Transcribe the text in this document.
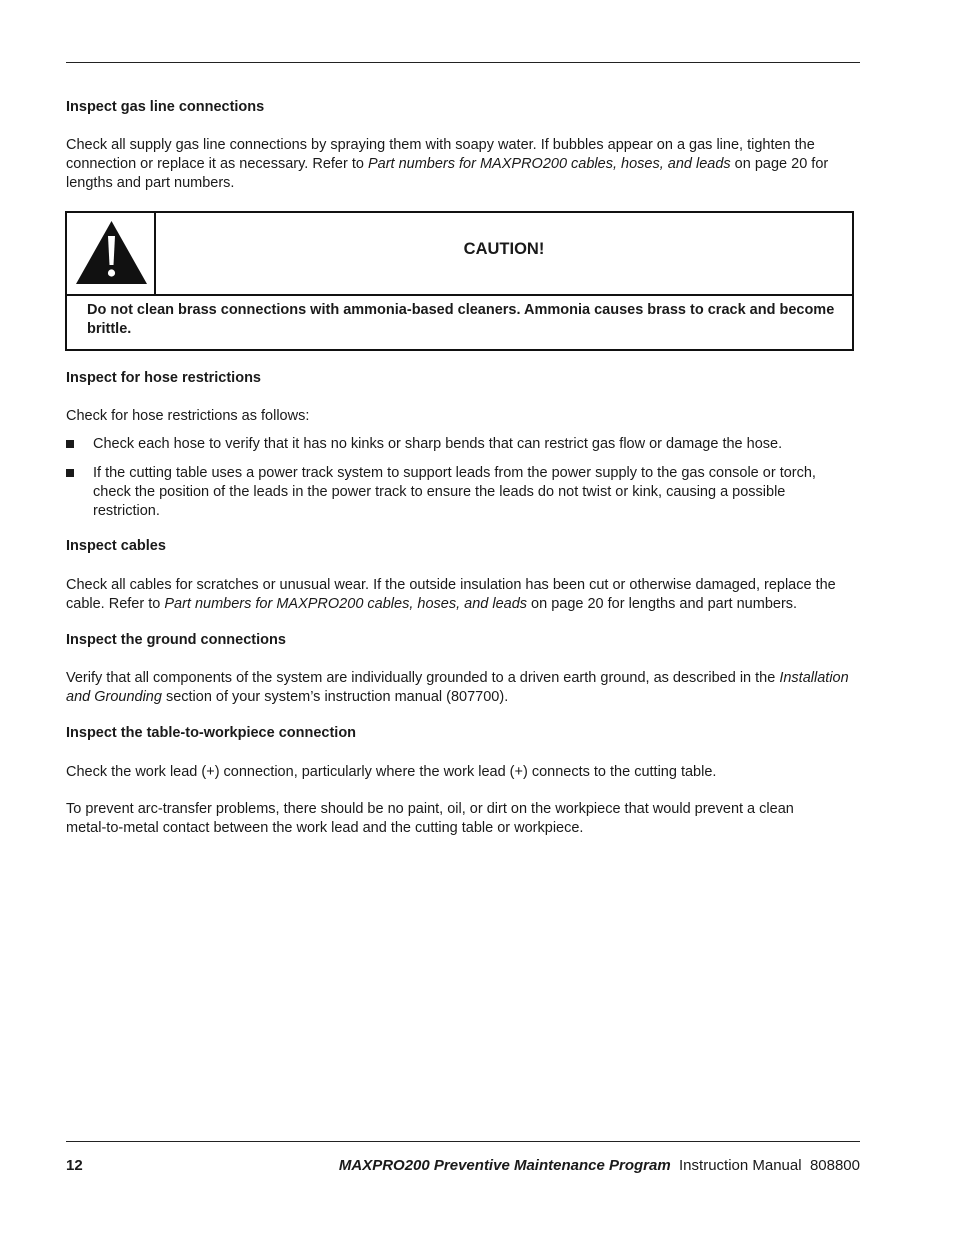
Inspect gas line connections

Check all supply gas line connections by spraying them with soapy water. If bubbles appear on a gas line, tighten the connection or replace it as necessary. Refer to Part numbers for MAXPRO200 cables, hoses, and leads on page 20 for lengths and part numbers.

CAUTION!
Do not clean brass connections with ammonia-based cleaners. Ammonia causes brass to crack and become brittle.
Inspect for hose restrictions

Check for hose restrictions as follows:

Check each hose to verify that it has no kinks or sharp bends that can restrict gas flow or damage the hose.
If the cutting table uses a power track system to support leads from the power supply to the gas console or torch, check the position of the leads in the power track to ensure the leads do not twist or kink, causing a possible restriction.
Inspect cables

Check all cables for scratches or unusual wear. If the outside insulation has been cut or otherwise damaged, replace the cable. Refer to Part numbers for MAXPRO200 cables, hoses, and leads on page 20 for lengths and part numbers.

Inspect the ground connections

Verify that all components of the system are individually grounded to a driven earth ground, as described in the Installation and Grounding section of your system’s instruction manual (807700).

Inspect the table-to-workpiece connection

Check the work lead (+) connection, particularly where the work lead (+) connects to the cutting table.

To prevent arc-transfer problems, there should be no paint, oil, or dirt on the workpiece that would prevent a clean metal-to-metal contact between the work lead and the cutting table or workpiece.

12	MAXPRO200 Preventive Maintenance Program Instruction Manual 808800
